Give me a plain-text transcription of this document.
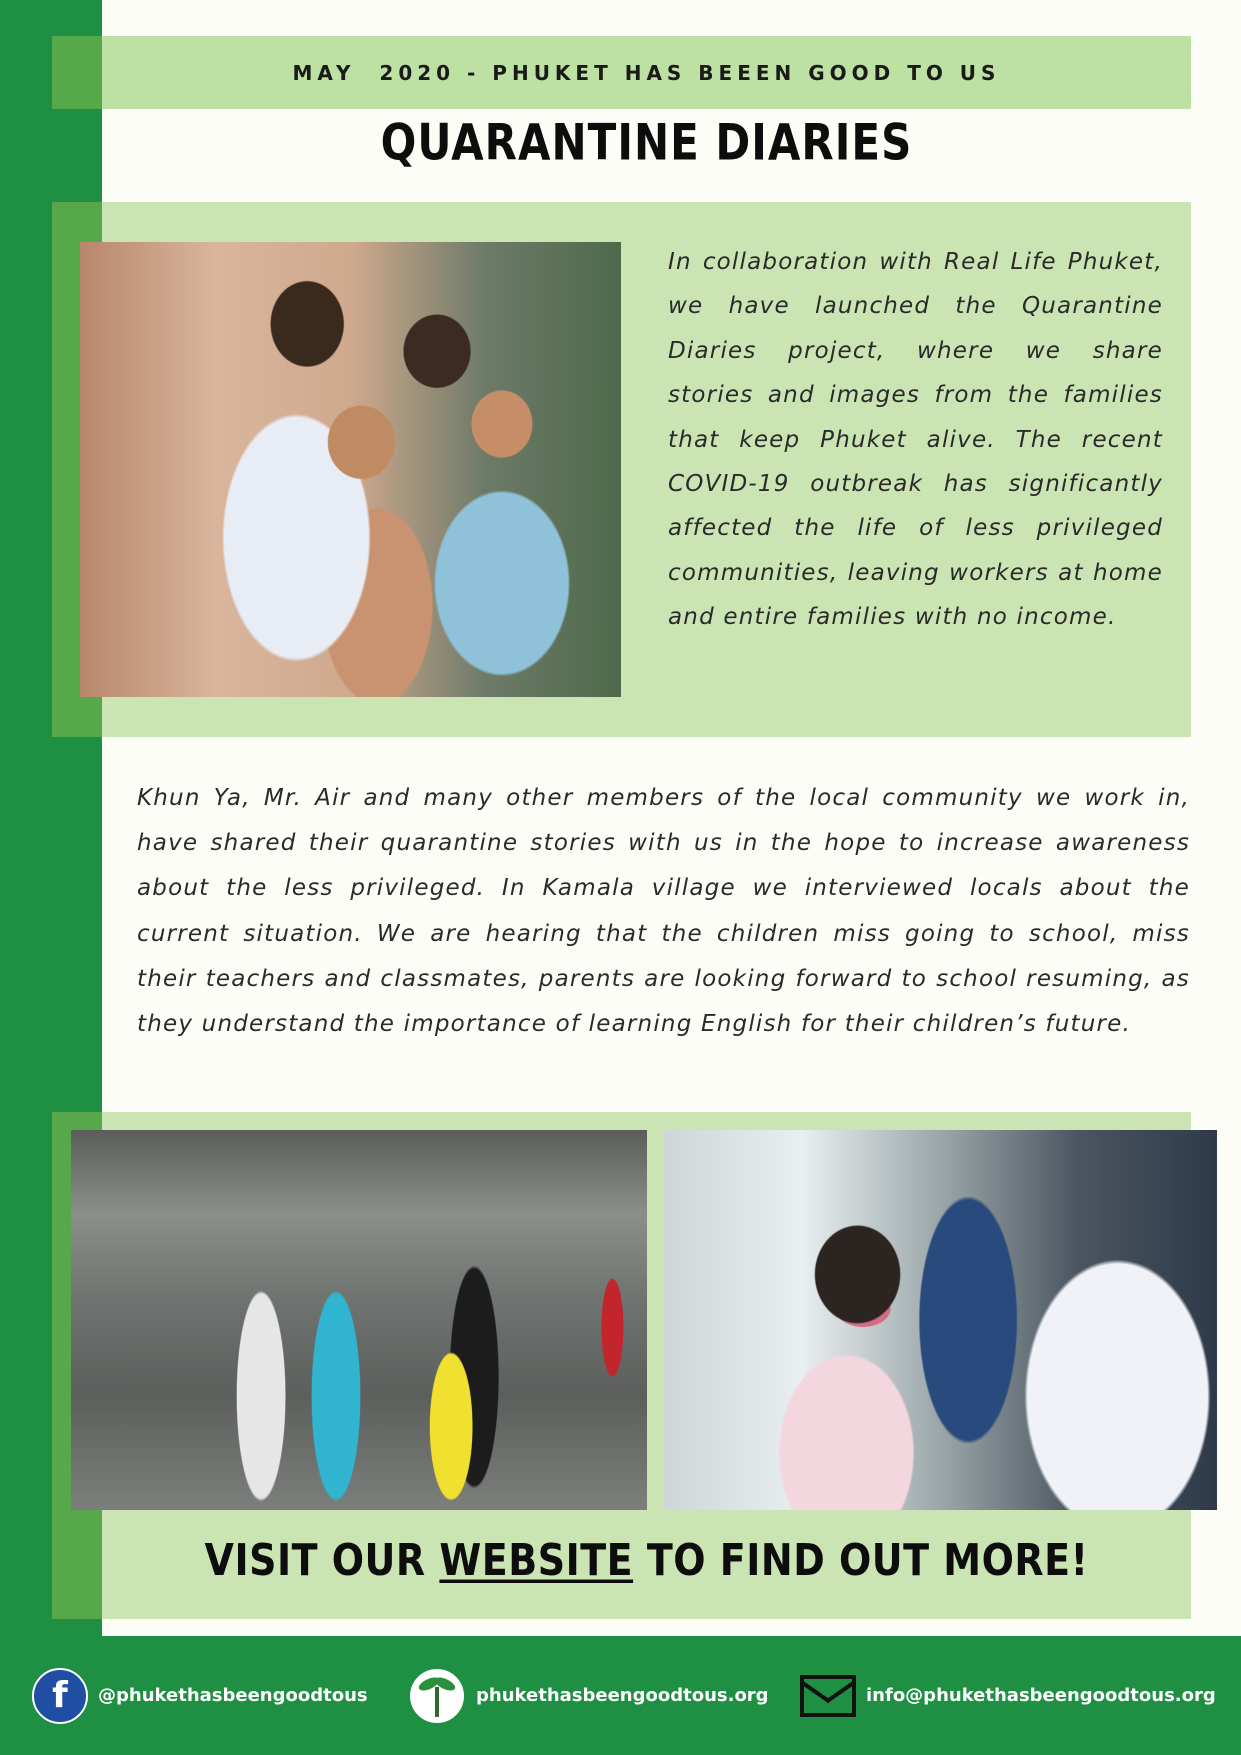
MAY  2020 - PHUKET HAS BEEEN GOOD TO US
QUARANTINE DIARIES

In collaboration with Real Life Phuket, we have launched the Quarantine Diaries project, where we share stories and images from the families that keep Phuket alive. The recent COVID-19 outbreak has significantly affected the life of less privileged communities, leaving workers at home and entire families with no income.

Khun Ya, Mr. Air and many other members of the local community we work in, have shared their quarantine stories with us in the hope to increase awareness about the less privileged. In Kamala village we interviewed locals about the current situation. We are hearing that the children miss going to school, miss their teachers and classmates, parents are looking forward to school resuming, as they understand the importance of learning English for their children’s future.

VISIT OUR WEBSITE TO FIND OUT MORE!
f	@phukethasbeengoodtous	phukethasbeengoodtous.org	info@phukethasbeengoodtous.org
